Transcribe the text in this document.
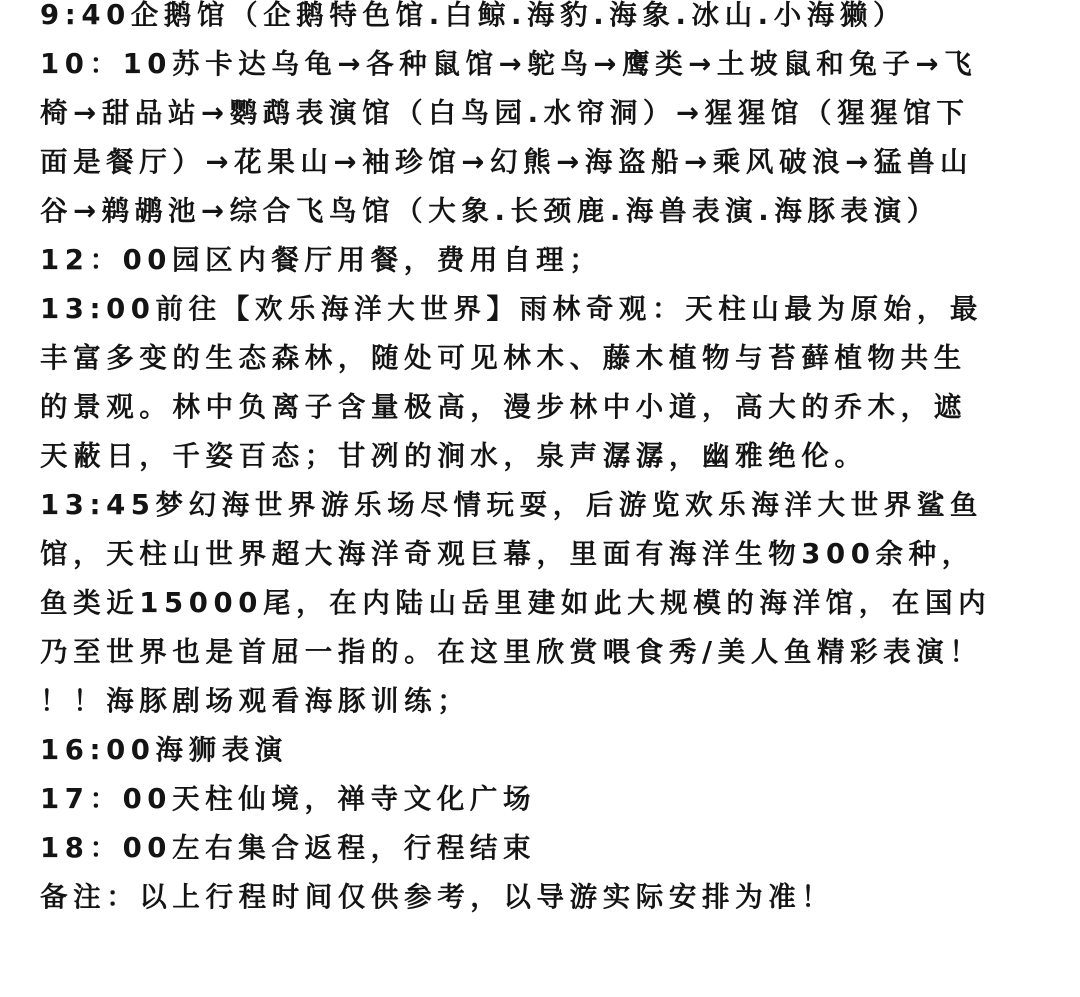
9:40企鹅馆（企鹅特色馆.白鲸.海豹.海象.冰山.小海獭）
10：10苏卡达乌龟→各种鼠馆→鸵鸟→鹰类→土坡鼠和兔子→飞
椅→甜品站→鹦鹉表演馆（白鸟园.水帘洞）→猩猩馆（猩猩馆下
面是餐厅）→花果山→袖珍馆→幻熊→海盗船→乘风破浪→猛兽山
谷→鹈鹕池→综合飞鸟馆（大象.长颈鹿.海兽表演.海豚表演）
12：00园区内餐厅用餐，费用自理；
13:00前往【欢乐海洋大世界】雨林奇观：天柱山最为原始，最
丰富多变的生态森林，随处可见林木、藤木植物与苔藓植物共生
的景观。林中负离子含量极高，漫步林中小道，高大的乔木，遮
天蔽日，千姿百态；甘冽的涧水，泉声潺潺，幽雅绝伦。
13:45梦幻海世界游乐场尽情玩耍，后游览欢乐海洋大世界鲨鱼
馆，天柱山世界超大海洋奇观巨幕，里面有海洋生物300余种，
鱼类近15000尾，在内陆山岳里建如此大规模的海洋馆，在国内
乃至世界也是首屈一指的。在这里欣赏喂食秀/美人鱼精彩表演！
！！海豚剧场观看海豚训练；
16:00海狮表演
17：00天柱仙境，禅寺文化广场
18：00左右集合返程，行程结束
备注：以上行程时间仅供参考，以导游实际安排为准！
